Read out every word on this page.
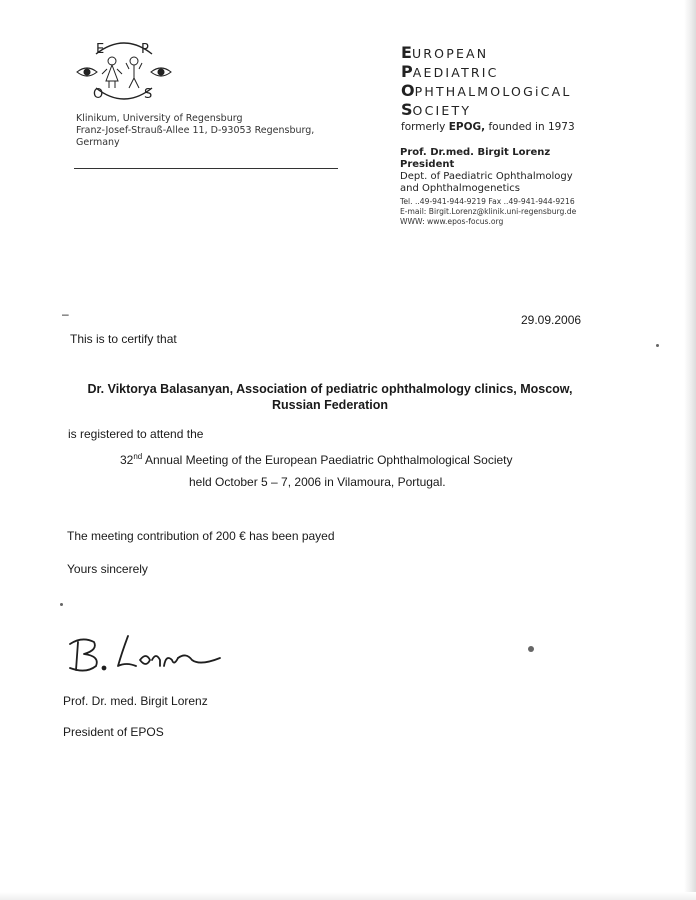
E	P
O	S
Klinikum, University of Regensburg
Franz-Josef-Strauß-Allee 11, D-93053 Regensburg,
Germany
EUROPEAN
PAEDIATRIC
OPHTHALMOLOGiCAL
SOCIETY
formerly EPOG, founded in 1973
Prof. Dr.med. Birgit Lorenz
President
Dept. of Paediatric Ophthalmology
and Ophthalmogenetics
Tel. ..49-941-944-9219 Fax ..49-941-944-9216
E-mail: Birgit.Lorenz@klinik.uni-regensburg.de
WWW: www.epos-focus.org
–	29.09.2006
This is to certify that
Dr. Viktorya Balasanyan, Association of pediatric ophthalmology clinics, Moscow,
Russian Federation
is registered to attend the
32nd Annual Meeting of the European Paediatric Ophthalmological Society
held October 5 – 7, 2006 in Vilamoura, Portugal.
The meeting contribution of 200 € has been payed
Yours sincerely
Prof. Dr. med. Birgit Lorenz
President of EPOS
